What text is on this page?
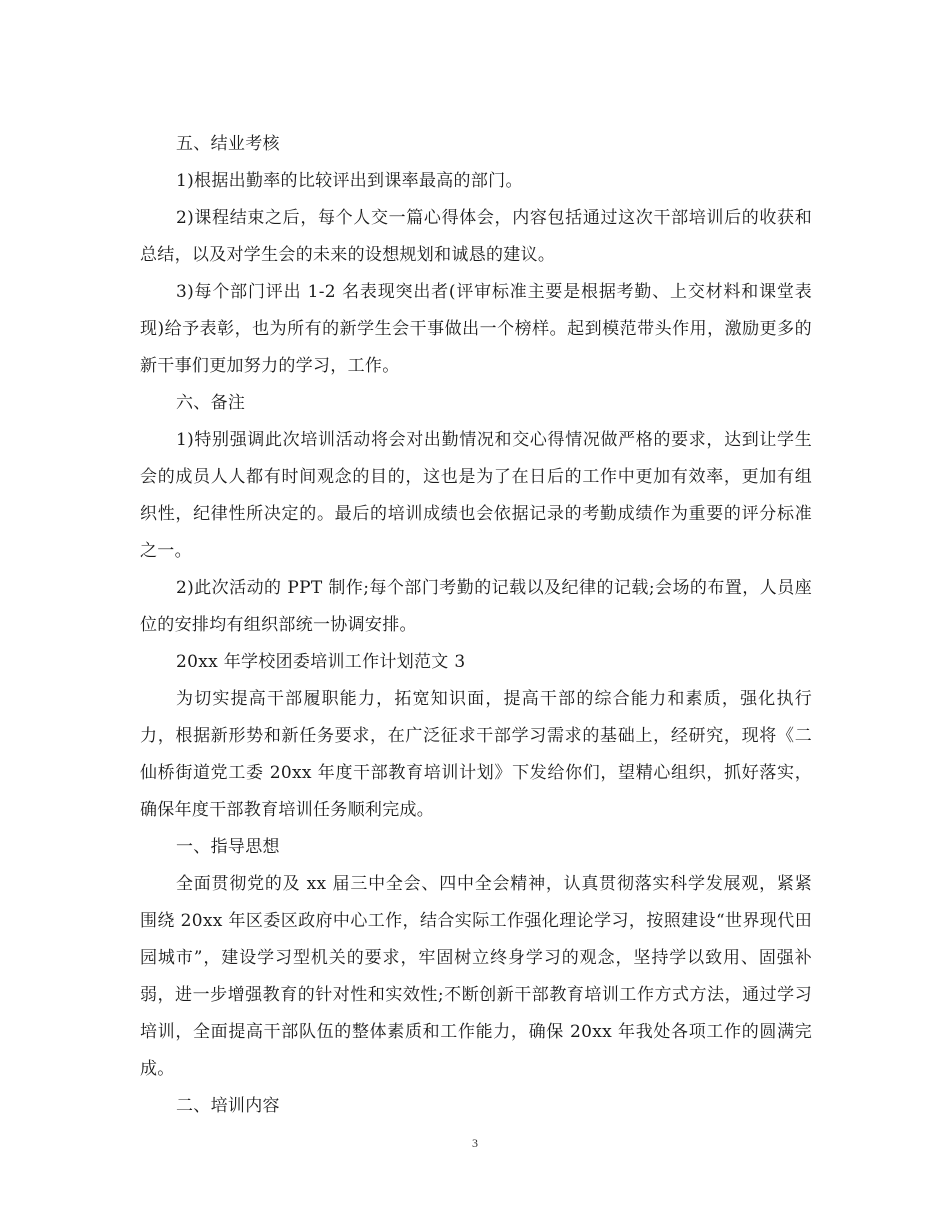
五、结业考核

1)根据出勤率的比较评出到课率最高的部门。

2)课程结束之后，每个人交一篇心得体会，内容包括通过这次干部培训后的收获和总结，以及对学生会的未来的设想规划和诚恳的建议。

3)每个部门评出 1-2 名表现突出者(评审标准主要是根据考勤、上交材料和课堂表现)给予表彰，也为所有的新学生会干事做出一个榜样。起到模范带头作用，激励更多的新干事们更加努力的学习，工作。

六、备注

1)特别强调此次培训活动将会对出勤情况和交心得情况做严格的要求，达到让学生会的成员人人都有时间观念的目的，这也是为了在日后的工作中更加有效率，更加有组织性，纪律性所决定的。最后的培训成绩也会依据记录的考勤成绩作为重要的评分标准之一。

2)此次活动的 PPT 制作;每个部门考勤的记载以及纪律的记载;会场的布置，人员座位的安排均有组织部统一协调安排。

20xx 年学校团委培训工作计划范文 3

为切实提高干部履职能力，拓宽知识面，提高干部的综合能力和素质，强化执行力，根据新形势和新任务要求，在广泛征求干部学习需求的基础上，经研究，现将《二仙桥街道党工委 20xx 年度干部教育培训计划》下发给你们，望精心组织，抓好落实，确保年度干部教育培训任务顺利完成。

一、指导思想

全面贯彻党的及 xx 届三中全会、四中全会精神，认真贯彻落实科学发展观，紧紧围绕 20xx 年区委区政府中心工作，结合实际工作强化理论学习，按照建设“世界现代田园城市”，建设学习型机关的要求，牢固树立终身学习的观念，坚持学以致用、固强补弱，进一步增强教育的针对性和实效性;不断创新干部教育培训工作方式方法，通过学习培训，全面提高干部队伍的整体素质和工作能力，确保 20xx 年我处各项工作的圆满完成。

二、培训内容

3
